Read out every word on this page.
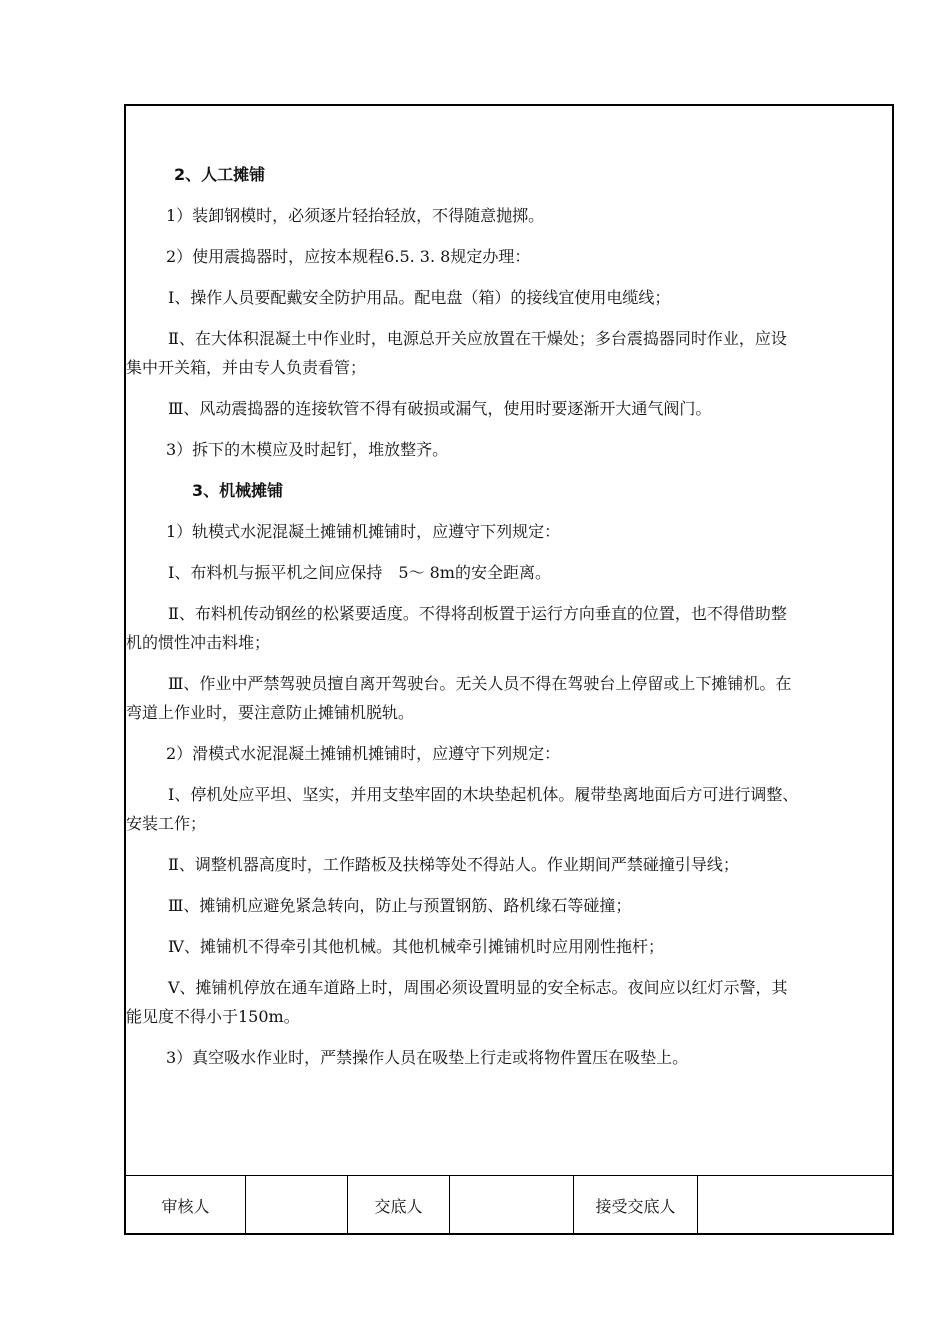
2、人工摊铺

1）装卸钢模时，必须逐片轻抬轻放，不得随意抛掷。

2）使用震捣器时，应按本规程6.5. 3. 8规定办理：

Ⅰ、操作人员要配戴安全防护用品。配电盘（箱）的接线宜使用电缆线；

Ⅱ、在大体积混凝土中作业时，电源总开关应放置在干燥处；多台震捣器同时作业，应设

集中开关箱，并由专人负责看管；

Ⅲ、风动震捣器的连接软管不得有破损或漏气，使用时要逐渐开大通气阀门。

3）拆下的木模应及时起钉，堆放整齐。

3、机械摊铺

1）轨模式水泥混凝土摊铺机摊铺时，应遵守下列规定：

Ⅰ、布料机与振平机之间应保持　5～ 8m的安全距离。

Ⅱ、布料机传动钢丝的松紧要适度。不得将刮板置于运行方向垂直的位置，也不得借助整

机的惯性冲击料堆；

Ⅲ、作业中严禁驾驶员擅自离开驾驶台。无关人员不得在驾驶台上停留或上下摊铺机。在

弯道上作业时，要注意防止摊铺机脱轨。

2）滑模式水泥混凝土摊铺机摊铺时，应遵守下列规定：

Ⅰ、停机处应平坦、坚实，并用支垫牢固的木块垫起机体。履带垫离地面后方可进行调整、

安装工作；

Ⅱ、调整机器高度时，工作踏板及扶梯等处不得站人。作业期间严禁碰撞引导线；

Ⅲ、摊铺机应避免紧急转向，防止与预置钢筋、路机缘石等碰撞；

Ⅳ、摊铺机不得牵引其他机械。其他机械牵引摊铺机时应用刚性拖杆；

Ⅴ、摊铺机停放在通车道路上时，周围必须设置明显的安全标志。夜间应以红灯示警，其

能见度不得小于150m。

3）真空吸水作业时，严禁操作人员在吸垫上行走或将物件置压在吸垫上。

审核人	交底人	接受交底人
